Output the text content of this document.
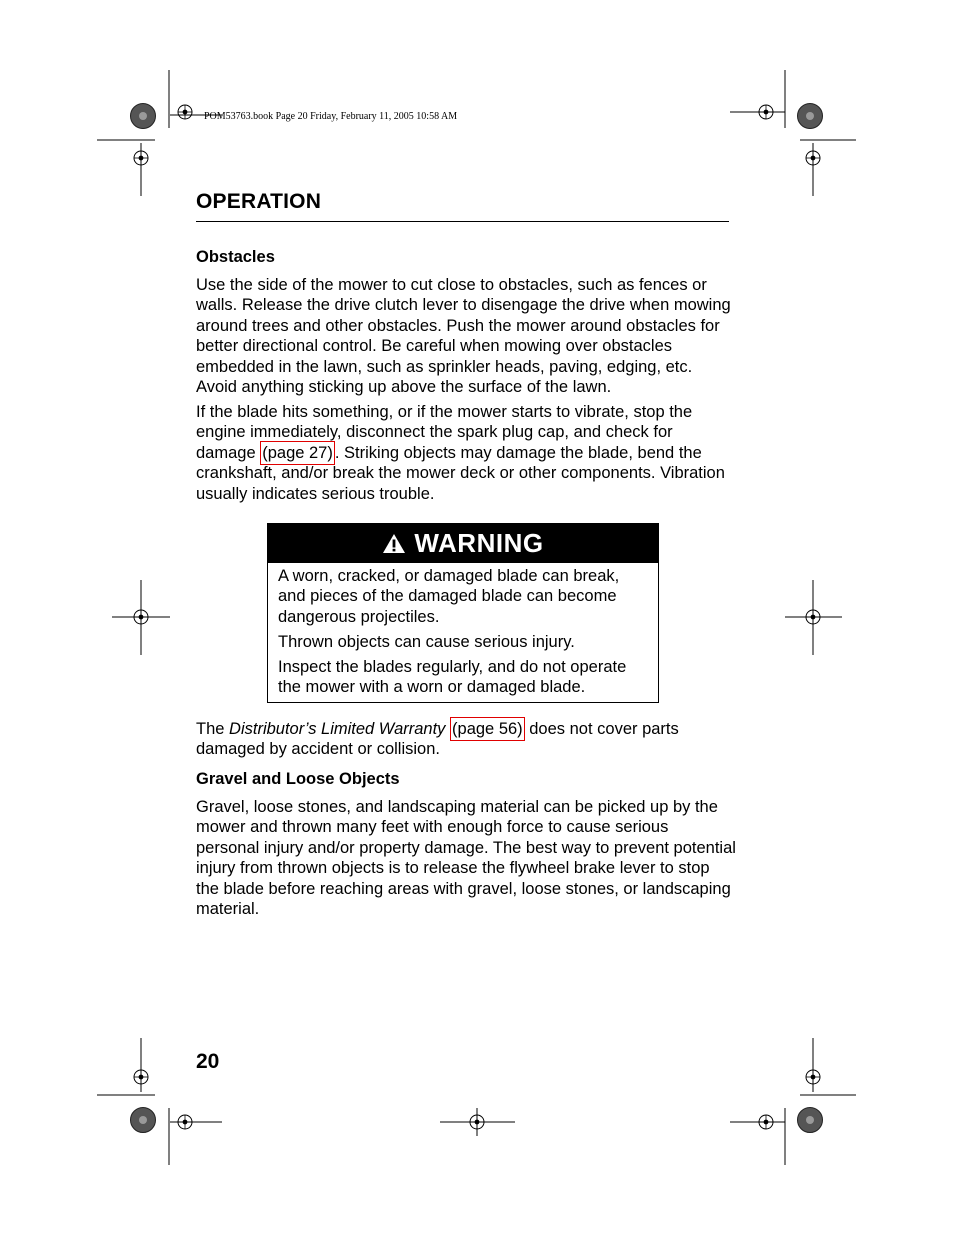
POM53763.book Page 20 Friday, February 11, 2005 10:58 AM
OPERATION
Obstacles

Use the side of the mower to cut close to obstacles, such as fences or walls. Release the drive clutch lever to disengage the drive when mowing around trees and other obstacles. Push the mower around obstacles for better directional control. Be careful when mowing over obstacles embedded in the lawn, such as sprinkler heads, paving, edging, etc. Avoid anything sticking up above the surface of the lawn.

If the blade hits something, or if the mower starts to vibrate, stop the engine immediately, disconnect the spark plug cap, and check for damage (page 27) . Striking objects may damage the blade, bend the crankshaft, and/or break the mower deck or other components. Vibration usually indicates serious trouble.

WARNING

A worn, cracked, or damaged blade can break, and pieces of the damaged blade can become dangerous projectiles.

Thrown objects can cause serious injury.

Inspect the blades regularly, and do not operate the mower with a worn or damaged blade.

The Distributor’s Limited Warranty (page 56) does not cover parts damaged by accident or collision.

Gravel and Loose Objects

Gravel, loose stones, and landscaping material can be picked up by the mower and thrown many feet with enough force to cause serious personal injury and/or property damage. The best way to prevent potential injury from thrown objects is to release the flywheel brake lever to stop the blade before reaching areas with gravel, loose stones, or landscaping material.

20
